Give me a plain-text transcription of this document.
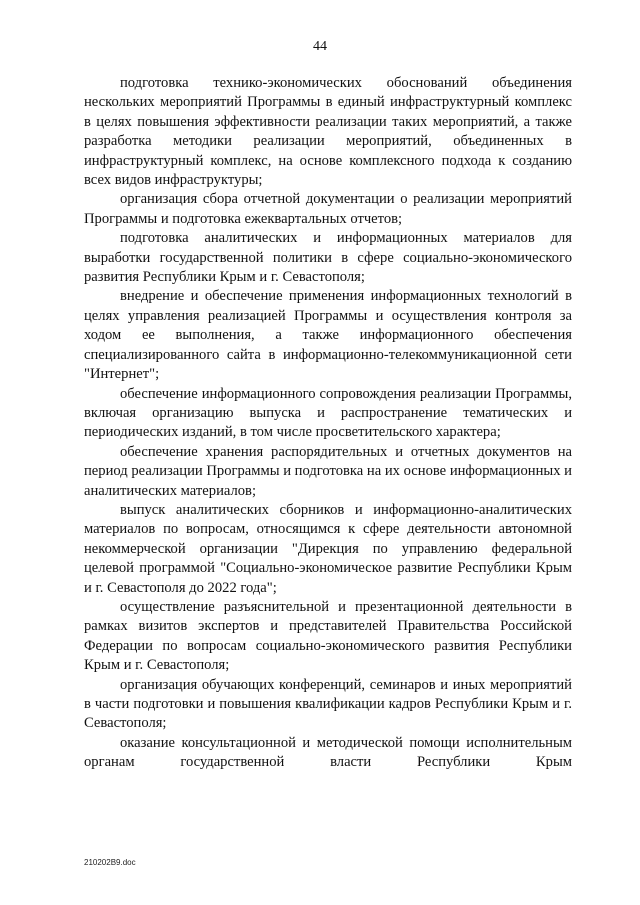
44

подготовка технико-экономических обоснований объединения нескольких мероприятий Программы в единый инфраструктурный комплекс в целях повышения эффективности реализации таких мероприятий, а также разработка методики реализации мероприятий, объединенных в инфраструктурный комплекс, на основе комплексного подхода к созданию всех видов инфраструктуры;

организация сбора отчетной документации о реализации мероприятий Программы и подготовка ежеквартальных отчетов;

подготовка аналитических и информационных материалов для выработки государственной политики в сфере социально-экономического развития Республики Крым и г. Севастополя;

внедрение и обеспечение применения информационных технологий в целях управления реализацией Программы и осуществления контроля за ходом ее выполнения, а также информационного обеспечения специализированного сайта в информационно-телекоммуникационной сети "Интернет";

обеспечение информационного сопровождения реализации Программы, включая организацию выпуска и распространение тематических и периодических изданий, в том числе просветительского характера;

обеспечение хранения распорядительных и отчетных документов на период реализации Программы и подготовка на их основе информационных и аналитических материалов;

выпуск аналитических сборников и информационно-аналитических материалов по вопросам, относящимся к сфере деятельности автономной некоммерческой организации "Дирекция по управлению федеральной целевой программой "Социально-экономическое развитие Республики Крым и г. Севастополя до 2022 года";

осуществление разъяснительной и презентационной деятельности в рамках визитов экспертов и представителей Правительства Российской Федерации по вопросам социально-экономического развития Республики Крым и г. Севастополя;

организация обучающих конференций, семинаров и иных мероприятий в части подготовки и повышения квалификации кадров Республики Крым и г. Севастополя;

оказание консультационной и методической помощи исполнительным органам государственной власти Республики Крым

210202B9.doc
